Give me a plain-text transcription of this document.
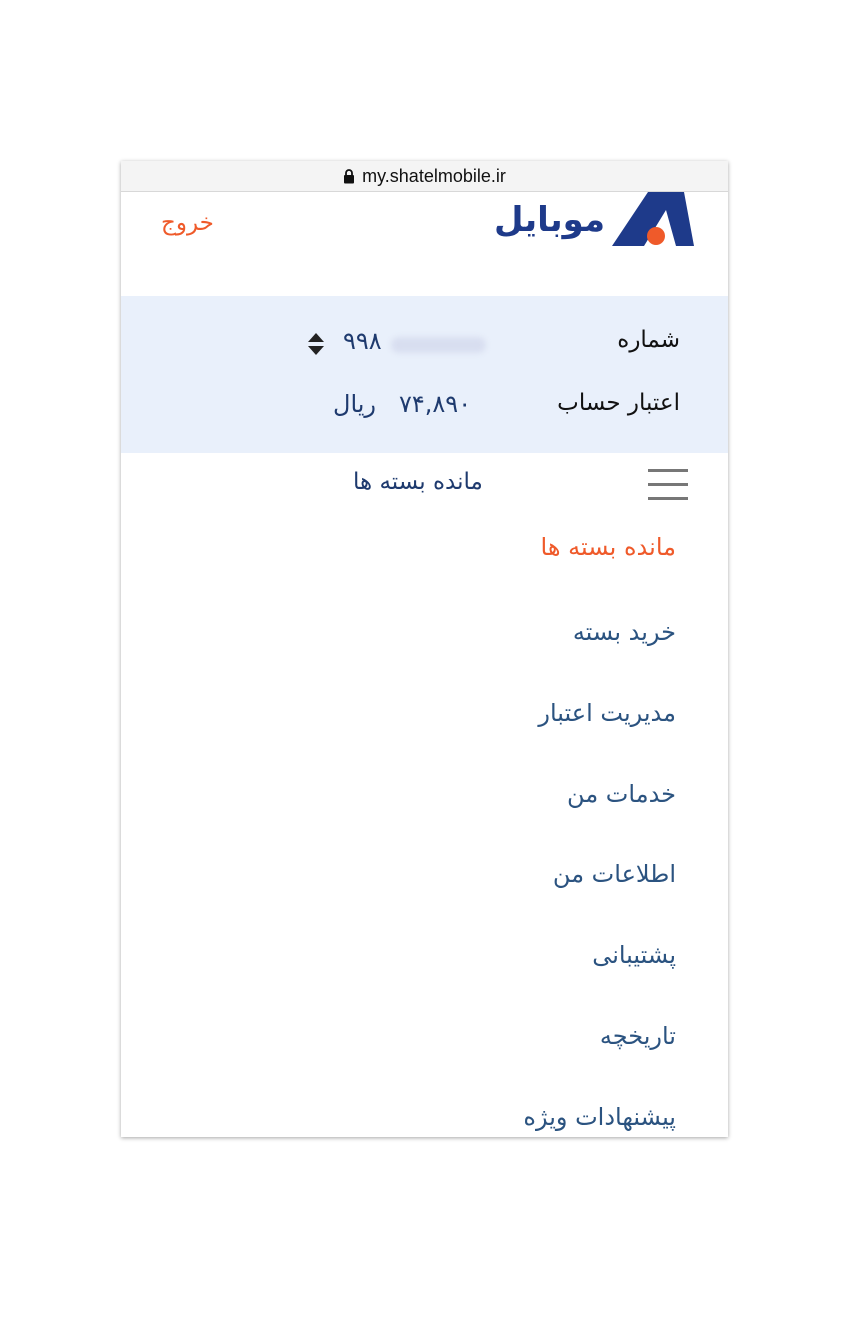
my.shatelmobile.ir
خروج	موبایل
شماره
۹۹۸
اعتبار حساب
۷۴,۸۹۰
ریال
مانده بسته ها
مانده بسته ها
خرید بسته
مدیریت اعتبار
خدمات من
اطلاعات من
پشتیبانی
تاریخچه
پیشنهادات ویژه
